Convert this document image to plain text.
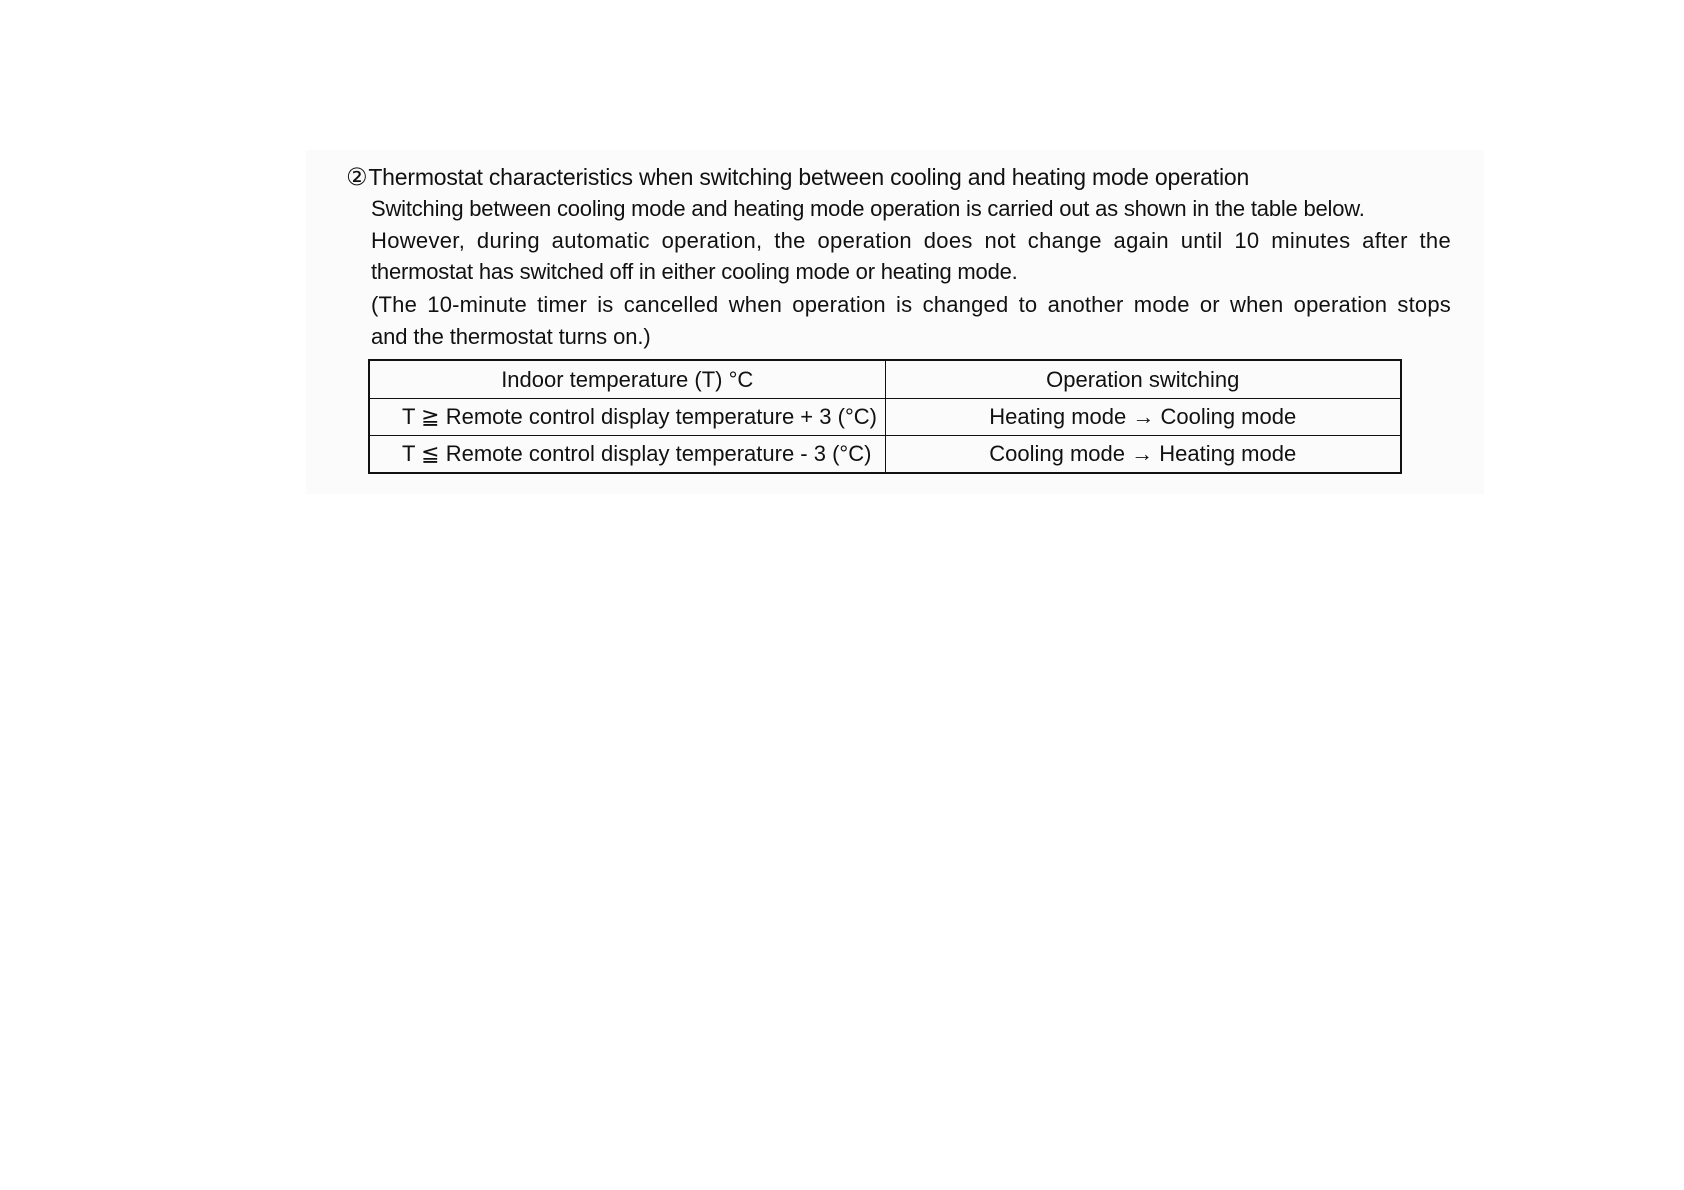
②Thermostat characteristics when switching between cooling and heating mode operation
Switching between cooling mode and heating mode operation is carried out as shown in the table below.
However, during automatic operation, the operation does not change again until 10 minutes after the
thermostat has switched off in either cooling mode or heating mode.
(The 10-minute timer is cancelled when operation is changed to another mode or when operation stops
and the thermostat turns on.)
Indoor temperature (T) °C	Operation switching
T ≧ Remote control display temperature + 3 (°C)	Heating mode → Cooling mode
T ≦ Remote control display temperature - 3 (°C)	Cooling mode → Heating mode
